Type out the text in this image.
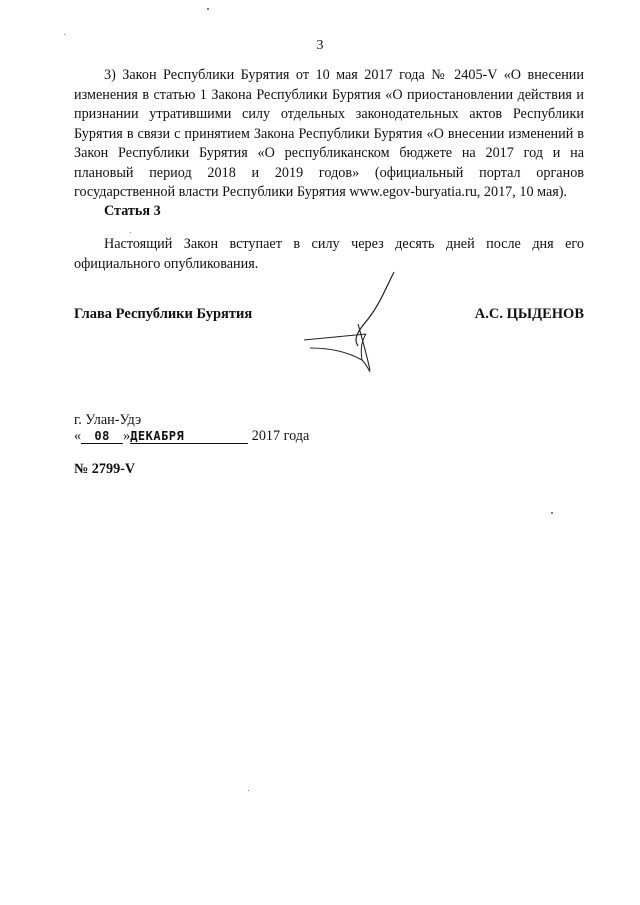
3

3) Закон Республики Бурятия от 10 мая 2017 года № 2405-V «О внесении изменения в статью 1 Закона Республики Бурятия «О приостановлении действия и признании утратившими силу отдельных законодательных актов Республики Бурятия в связи с принятием Закона Республики Бурятия «О внесении изменений в Закон Республики Бурятия «О республиканском бюджете на 2017 год и на плановый период 2018 и 2019 годов» (официальный портал органов государственной власти Республики Бурятия www.egov-buryatia.ru, 2017, 10 мая).

Статья 3

Настоящий Закон вступает в силу через десять дней после дня его официального опубликования.

Глава Республики Бурятия	А.С. ЦЫДЕНОВ
г. Улан-Удэ
« 08 »ДЕКАБРЯ	2017 года
№ 2799-V
